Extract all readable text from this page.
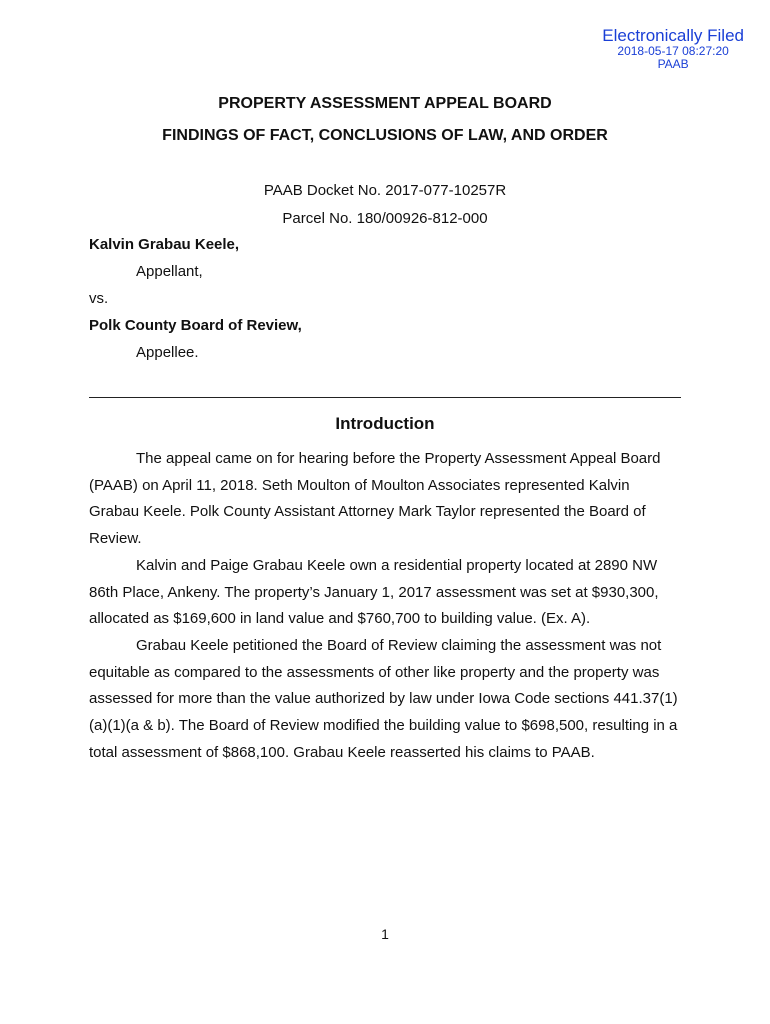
Electronically Filed
2018-05-17 08:27:20
PAAB
PROPERTY ASSESSMENT APPEAL BOARD
FINDINGS OF FACT, CONCLUSIONS OF LAW, AND ORDER
PAAB Docket No. 2017-077-10257R
Parcel No. 180/00926-812-000
Kalvin Grabau Keele,
Appellant,
vs.
Polk County Board of Review,
Appellee.
Introduction

The appeal came on for hearing before the Property Assessment Appeal Board (PAAB) on April 11, 2018. Seth Moulton of Moulton Associates represented Kalvin Grabau Keele. Polk County Assistant Attorney Mark Taylor represented the Board of Review.

Kalvin and Paige Grabau Keele own a residential property located at 2890 NW 86th Place, Ankeny. The property’s January 1, 2017 assessment was set at $930,300, allocated as $169,600 in land value and $760,700 to building value. (Ex. A).

Grabau Keele petitioned the Board of Review claiming the assessment was not equitable as compared to the assessments of other like property and the property was assessed for more than the value authorized by law under Iowa Code sections 441.37(1)(a)(1)(a & b). The Board of Review modified the building value to $698,500, resulting in a total assessment of $868,100. Grabau Keele reasserted his claims to PAAB.

1
